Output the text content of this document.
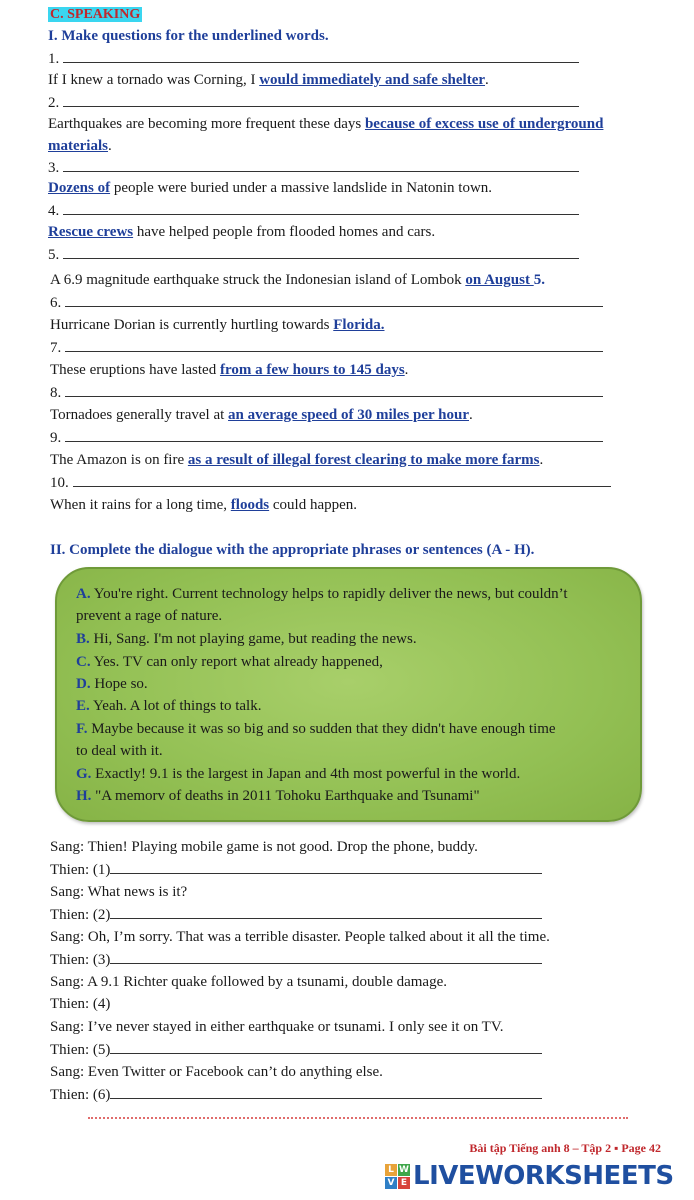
C. SPEAKING
I. Make questions for the underlined words.
1.
If I knew a tornado was Corning, I would immediately and safe shelter.
2.
Earthquakes are becoming more frequent these days because of excess use of underground
materials.
3.
Dozens of people were buried under a massive landslide in Natonin town.
4.
Rescue crews have helped people from flooded homes and cars.
5.
A 6.9 magnitude earthquake struck the Indonesian island of Lombok on August 5.
6.
Hurricane Dorian is currently hurtling towards Florida.
7.
These eruptions have lasted from a few hours to 145 days.
8.
Tornadoes generally travel at an average speed of 30 miles per hour.
9.
The Amazon is on fire as a result of illegal forest clearing to make more farms.
10.
When it rains for a long time, floods could happen.
II. Complete the dialogue with the appropriate phrases or sentences (A - H).
A. You're right. Current technology helps to rapidly deliver the news, but couldn’t
prevent a rage of nature.
B. Hi, Sang. I'm not playing game, but reading the news.
C. Yes. TV can only report what already happened,
D. Hope so.
E. Yeah. A lot of things to talk.
F. Maybe because it was so big and so sudden that they didn't have enough time
to deal with it.
G. Exactly! 9.1 is the largest in Japan and 4th most powerful in the world.
H. "A memorv of deaths in 2011 Tohoku Earthquake and Tsunami"
Sang: Thien! Playing mobile game is not good. Drop the phone, buddy.
Thien: (1)
Sang: What news is it?
Thien: (2)
Sang: Oh, I’m sorry. That was a terrible disaster. People talked about it all the time.
Thien: (3)
Sang: A 9.1 Richter quake followed by a tsunami, double damage.
Thien: (4)
Sang: I’ve never stayed in either earthquake or tsunami. I only see it on TV.
Thien: (5)
Sang: Even Twitter or Facebook can’t do anything else.
Thien: (6)
Bài tập Tiếng anh 8 – Tập 2 ▪ Page 42
L W
V E LIVEWORKSHEETS
